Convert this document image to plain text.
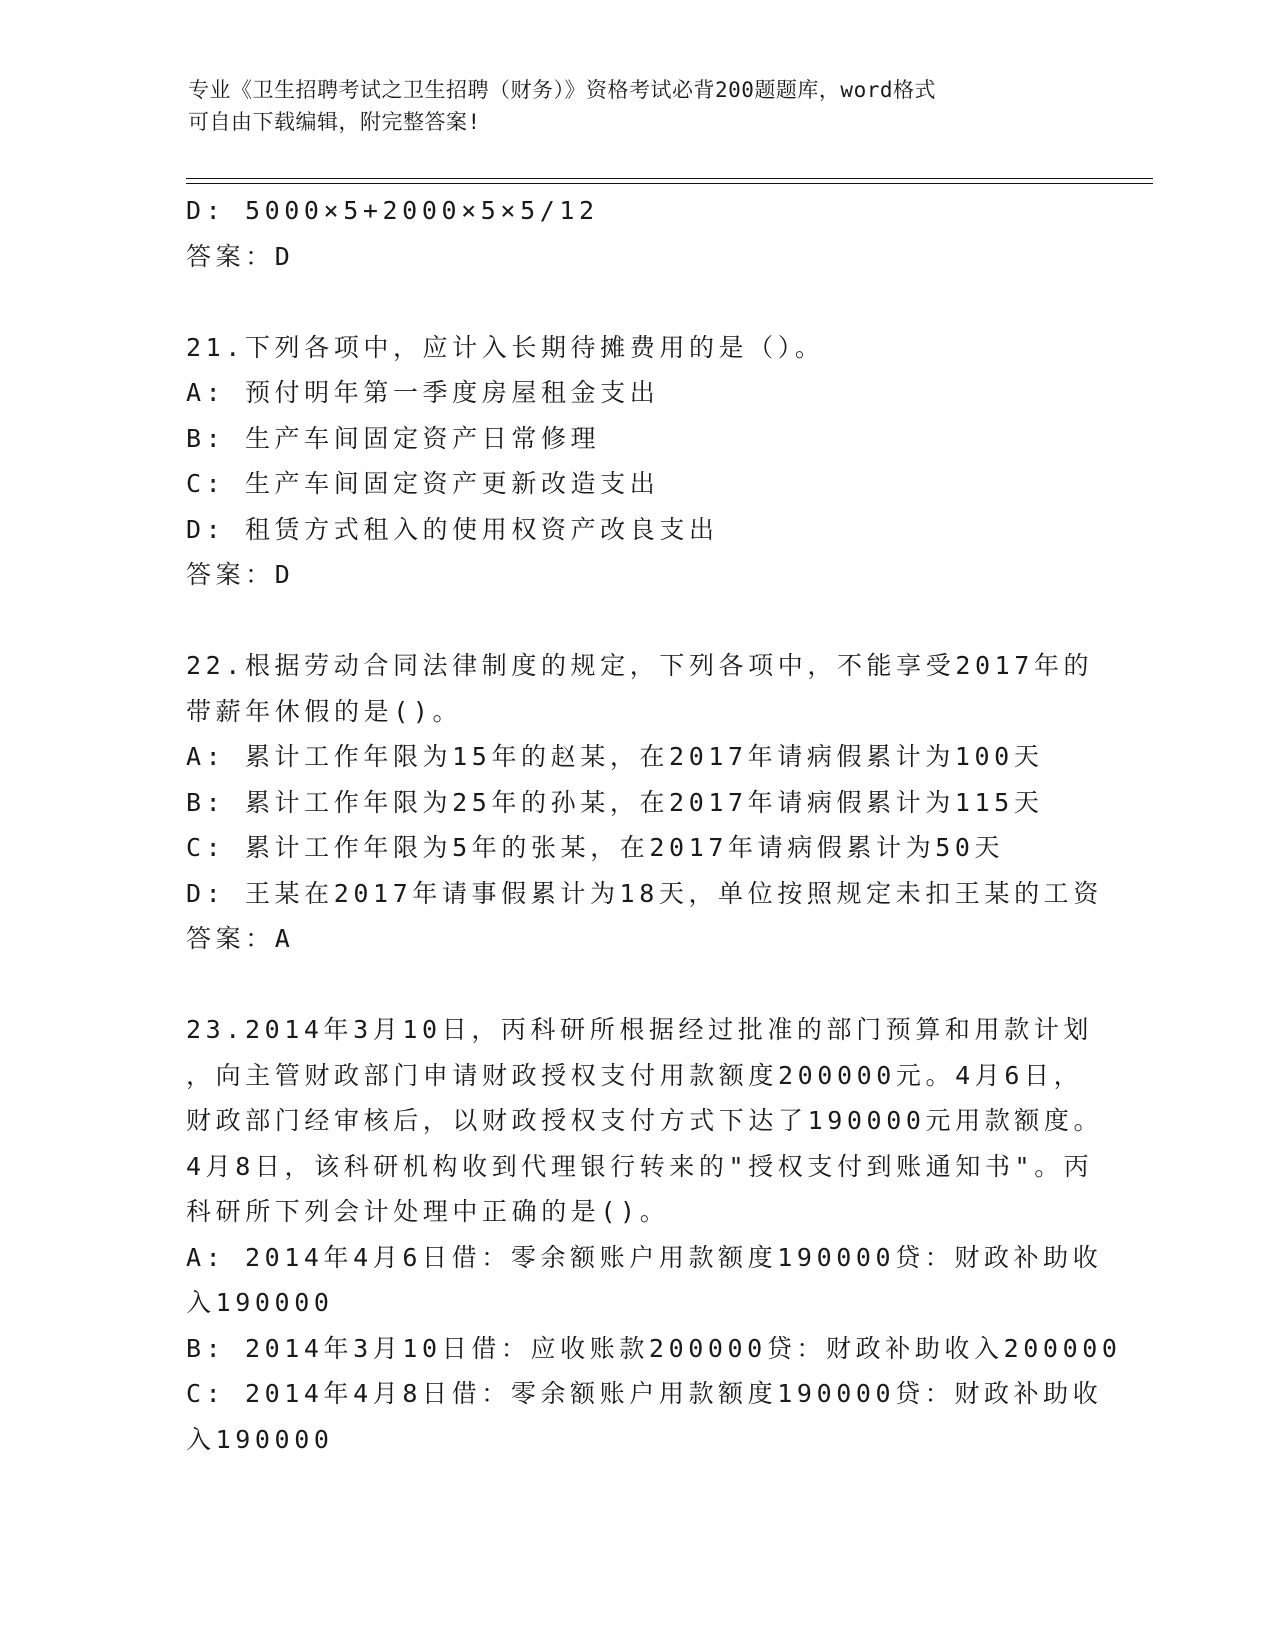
专业《卫生招聘考试之卫生招聘（财务）》资格考试必背200题题库，word格式
可自由下载编辑，附完整答案!
D: 5000×5+2000×5×5/12
答案：D
21.下列各项中，应计入长期待摊费用的是（）。
A: 预付明年第一季度房屋租金支出
B: 生产车间固定资产日常修理
C: 生产车间固定资产更新改造支出
D: 租赁方式租入的使用权资产改良支出
答案：D
22.根据劳动合同法律制度的规定，下列各项中，不能享受2017年的
带薪年休假的是()。
A: 累计工作年限为15年的赵某，在2017年请病假累计为100天
B: 累计工作年限为25年的孙某，在2017年请病假累计为115天
C: 累计工作年限为5年的张某，在2017年请病假累计为50天
D: 王某在2017年请事假累计为18天，单位按照规定未扣王某的工资
答案：A
23.2014年3月10日，丙科研所根据经过批准的部门预算和用款计划
，向主管财政部门申请财政授权支付用款额度200000元。4月6日，
财政部门经审核后，以财政授权支付方式下达了190000元用款额度。
4月8日，该科研机构收到代理银行转来的"授权支付到账通知书"。丙
科研所下列会计处理中正确的是()。
A: 2014年4月6日借：零余额账户用款额度190000贷：财政补助收
入190000
B: 2014年3月10日借：应收账款200000贷：财政补助收入200000
C: 2014年4月8日借：零余额账户用款额度190000贷：财政补助收
入190000
